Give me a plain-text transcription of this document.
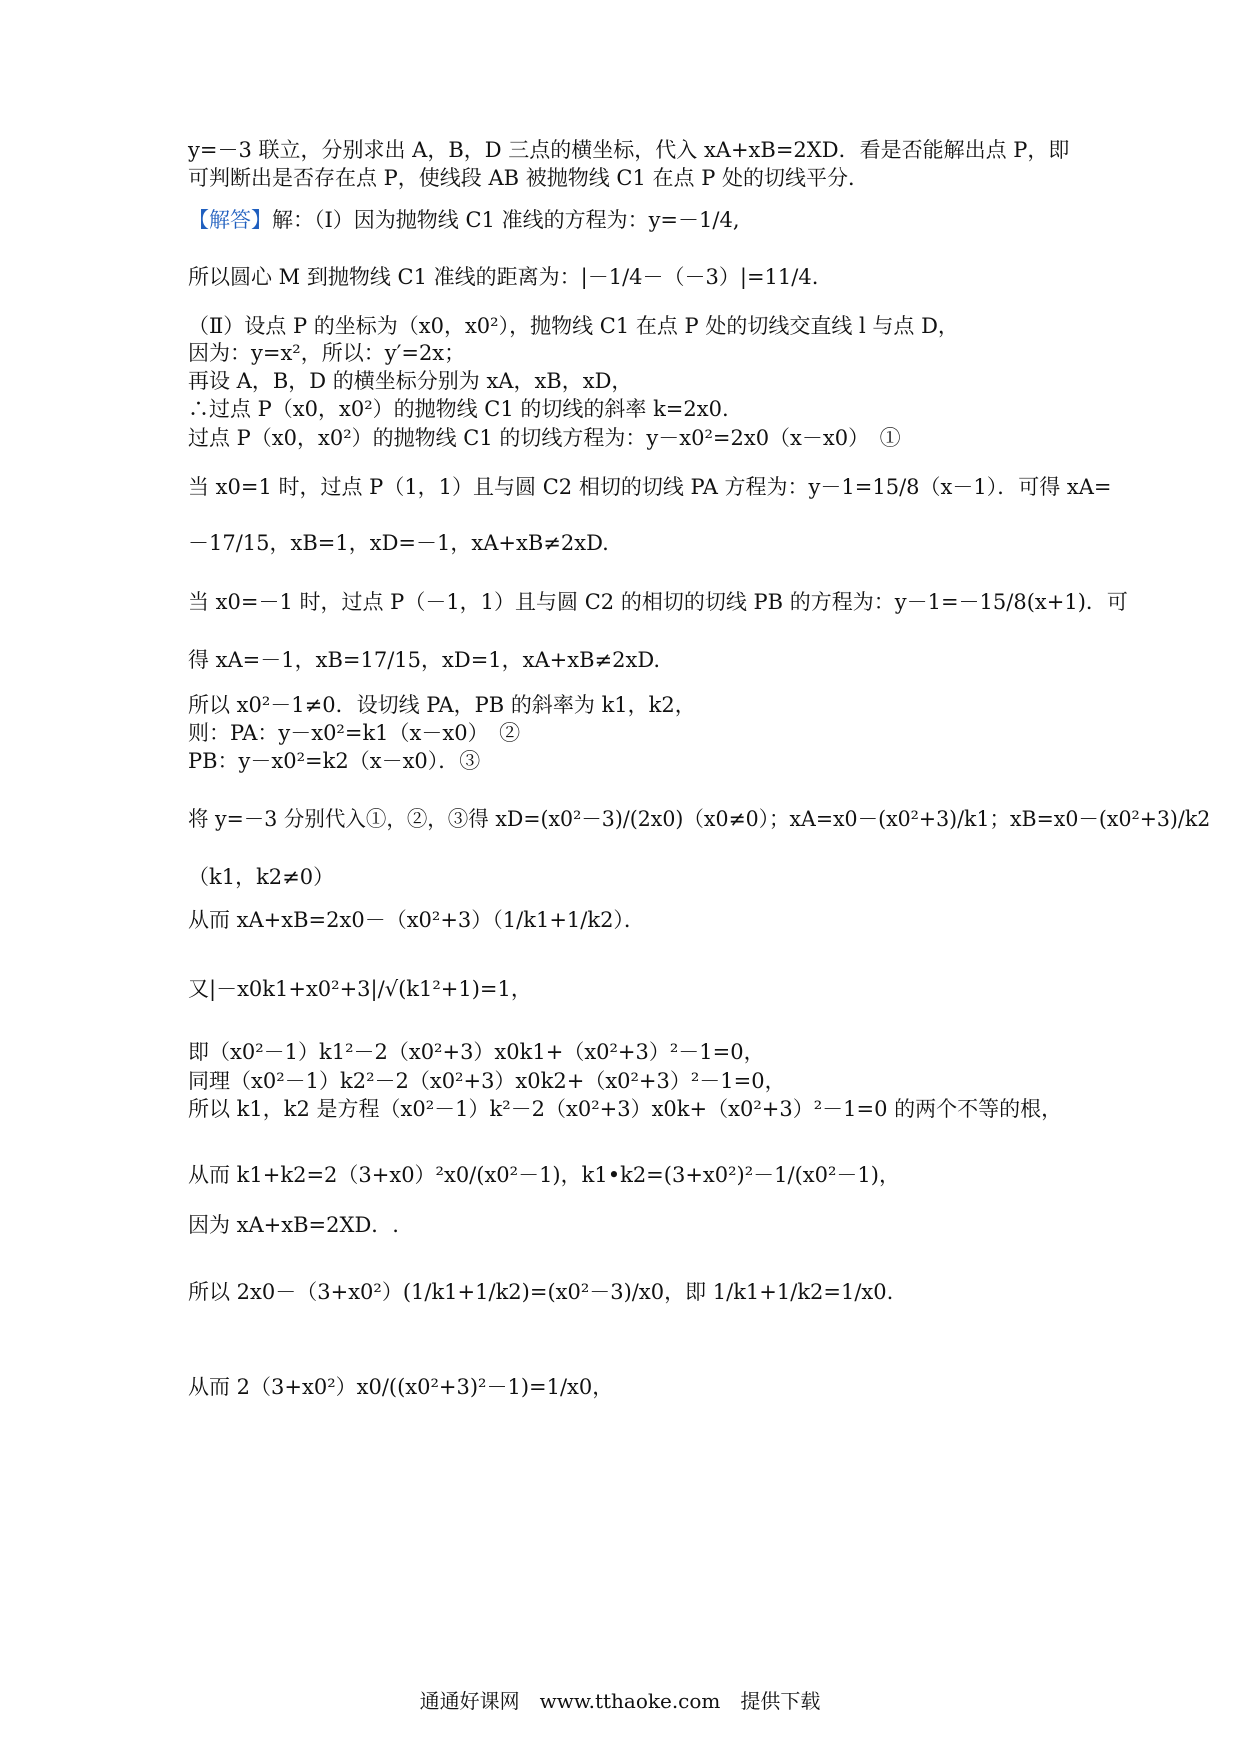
y=－3 联立，分别求出 A，B，D 三点的横坐标，代入 xA+xB=2XD．看是否能解出点 P，即
可判断出是否存在点 P，使线段 AB 被抛物线 C1 在点 P 处的切线平分．
【解答】解：（Ⅰ）因为抛物线 C1 准线的方程为：y=－1/4,
所以圆心 M 到抛物线 C1 准线的距离为：|－1/4－（－3）|=11/4.
（Ⅱ）设点 P 的坐标为（x0，x0²），抛物线 C1 在点 P 处的切线交直线 l 与点 D，
因为：y=x²，所以：y′=2x；
再设 A，B，D 的横坐标分别为 xA，xB，xD，
∴过点 P（x0，x0²）的抛物线 C1 的切线的斜率 k=2x0.
过点 P（x0，x0²）的抛物线 C1 的切线方程为：y－x0²=2x0（x－x0）　①
当 x0=1 时，过点 P（1，1）且与圆 C2 相切的切线 PA 方程为：y－1=15/8（x－1）．可得 xA=
－17/15，xB=1，xD=－1，xA+xB≠2xD.
当 x0=－1 时，过点 P（－1，1）且与圆 C2 的相切的切线 PB 的方程为：y－1=－15/8(x+1)．可
得 xA=－1，xB=17/15，xD=1，xA+xB≠2xD.
所以 x0²－1≠0．设切线 PA，PB 的斜率为 k1，k2，
则：PA：y－x0²=k1（x－x0）　②
PB：y－x0²=k2（x－x0）．③
将 y=－3 分别代入①，②，③得 xD=(x0²－3)/(2x0)（x0≠0）；xA=x0－(x0²+3)/k1；xB=x0－(x0²+3)/k2
（k1，k2≠0）
从而 xA+xB=2x0－（x0²+3）（1/k1+1/k2）．
又|－x0k1+x0²+3|/√(k1²+1)=1，
即（x0²－1）k1²－2（x0²+3）x0k1+（x0²+3）²－1=0，
同理（x0²－1）k2²－2（x0²+3）x0k2+（x0²+3）²－1=0，
所以 k1，k2 是方程（x0²－1）k²－2（x0²+3）x0k+（x0²+3）²－1=0 的两个不等的根，
从而 k1+k2=2（3+x0）²x0/(x0²－1)，k1•k2=(3+x0²)²－1/(x0²－1)，
因为 xA+xB=2XD．.
所以 2x0－（3+x0²）(1/k1+1/k2)=(x0²－3)/x0，即 1/k1+1/k2=1/x0.
从而 2（3+x0²）x0/((x0²+3)²－1)=1/x0，
通通好课网　www.tthaoke.com　提供下载
